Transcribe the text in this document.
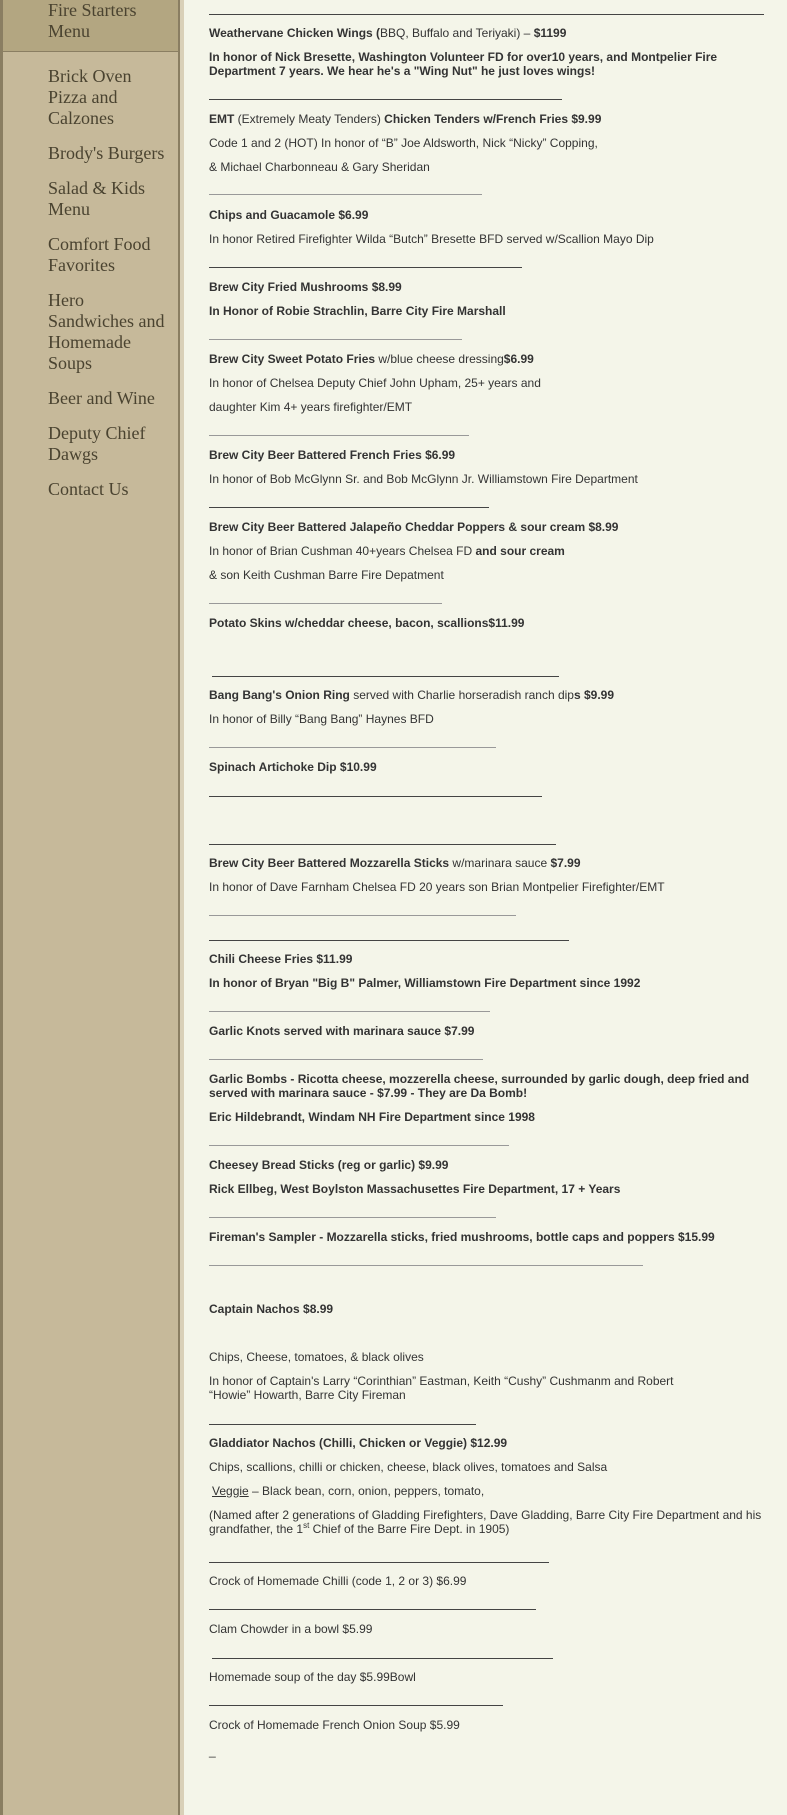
Fire Starters Menu
Brick Oven Pizza and Calzones
Brody's Burgers
Salad & Kids Menu
Comfort Food Favorites
Hero Sandwiches and Homemade Soups
Beer and Wine
Deputy Chief Dawgs
Contact Us
Weathervane Chicken Wings (BBQ, Buffalo and Teriyaki) – $1199
In honor of Nick Bresette, Washington Volunteer FD for over10 years, and Montpelier Fire Department 7 years. We hear he's a "Wing Nut" he just loves wings!
EMT (Extremely Meaty Tenders) Chicken Tenders w/French Fries $9.99
Code 1 and 2 (HOT) In honor of “B” Joe Aldsworth, Nick “Nicky” Copping,
& Michael Charbonneau & Gary Sheridan
Chips and Guacamole $6.99
In honor Retired Firefighter Wilda “Butch” Bresette BFD served w/Scallion Mayo Dip
Brew City Fried Mushrooms $8.99
In Honor of Robie Strachlin, Barre City Fire Marshall
Brew City Sweet Potato Fries w/blue cheese dressing$6.99
In honor of Chelsea Deputy Chief John Upham, 25+ years and
daughter Kim 4+ years firefighter/EMT
Brew City Beer Battered French Fries $6.99
In honor of Bob McGlynn Sr. and Bob McGlynn Jr. Williamstown Fire Department
Brew City Beer Battered Jalapeño Cheddar Poppers & sour cream $8.99
In honor of Brian Cushman 40+years Chelsea FD and sour cream
& son Keith Cushman Barre Fire Depatment
Potato Skins w/cheddar cheese, bacon, scallions$11.99
Bang Bang's Onion Ring served with Charlie horseradish ranch dips $9.99
In honor of Billy “Bang Bang” Haynes BFD
Spinach Artichoke Dip $10.99
Brew City Beer Battered Mozzarella Sticks w/marinara sauce $7.99
In honor of Dave Farnham Chelsea FD 20 years son Brian Montpelier Firefighter/EMT
Chili Cheese Fries $11.99
In honor of Bryan "Big B" Palmer, Williamstown Fire Department since 1992
Garlic Knots served with marinara sauce $7.99
Garlic Bombs - Ricotta cheese, mozzerella cheese, surrounded by garlic dough, deep fried and served with marinara sauce - $7.99 - They are Da Bomb!
Eric Hildebrandt, Windam NH Fire Department since 1998
Cheesey Bread Sticks (reg or garlic) $9.99
Rick Ellbeg, West Boylston Massachusettes Fire Department, 17 + Years
Fireman's Sampler - Mozzarella sticks, fried mushrooms, bottle caps and poppers $15.99
Captain Nachos $8.99
Chips, Cheese, tomatoes, & black olives
In honor of Captain's Larry “Corinthian” Eastman, Keith “Cushy” Cushmanm and Robert “Howie” Howarth, Barre City Fireman
Gladdiator Nachos (Chilli, Chicken or Veggie) $12.99
Chips, scallions, chilli or chicken, cheese, black olives, tomatoes and Salsa
Veggie – Black bean, corn, onion, peppers, tomato,
(Named after 2 generations of Gladding Firefighters, Dave Gladding, Barre City Fire Department and his grandfather, the 1st Chief of the Barre Fire Dept. in 1905)
Crock of Homemade Chilli (code 1, 2 or 3) $6.99
Clam Chowder in a bowl $5.99
Homemade soup of the day $5.99Bowl
Crock of Homemade French Onion Soup $5.99
_
